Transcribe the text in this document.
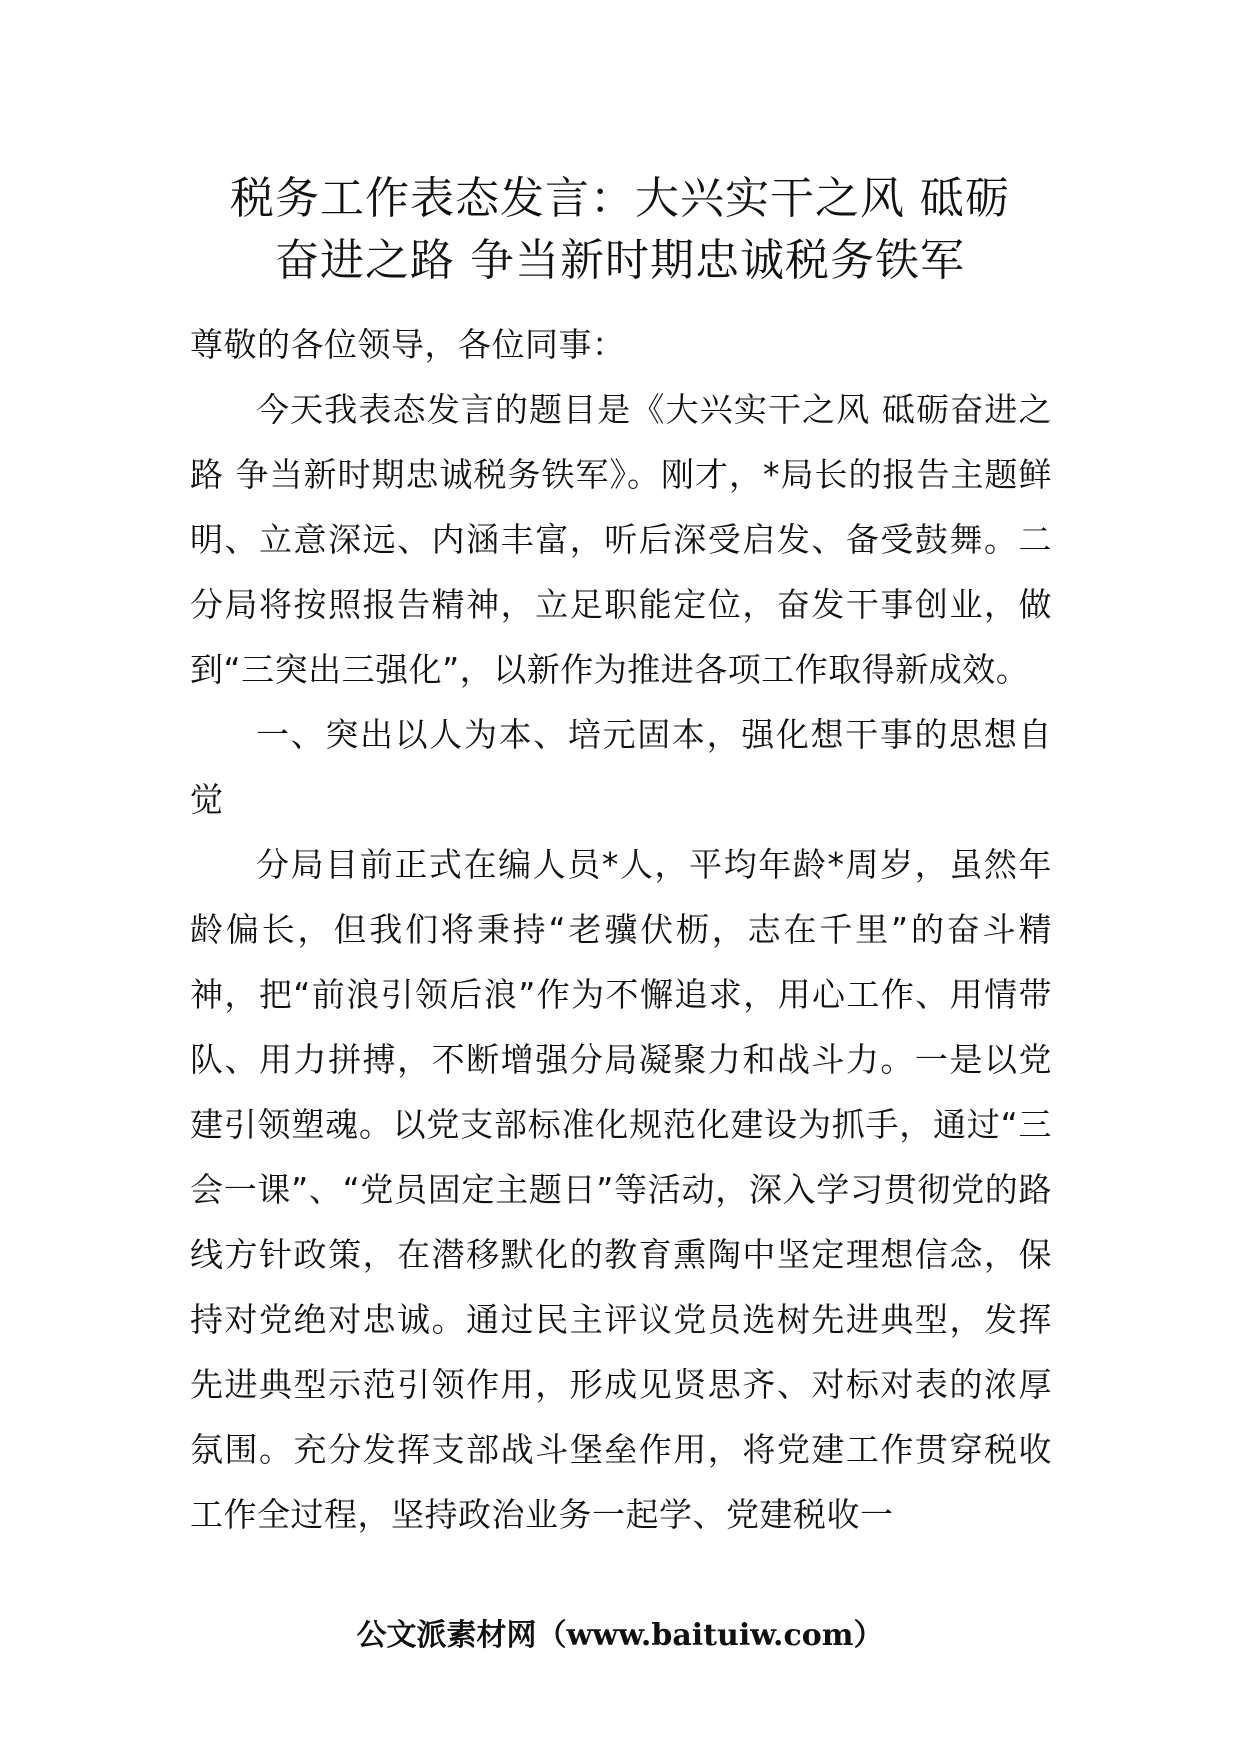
税务工作表态发言：大兴实干之风 砥砺
奋进之路 争当新时期忠诚税务铁军

尊敬的各位领导，各位同事：

今天我表态发言的题目是《大兴实干之风 砥砺奋进之路 争当新时期忠诚税务铁军》。刚才，*局长的报告主题鲜明、立意深远、内涵丰富，听后深受启发、备受鼓舞。二分局将按照报告精神，立足职能定位，奋发干事创业，做到“三突出三强化”，以新作为推进各项工作取得新成效。

一、突出以人为本、培元固本，强化想干事的思想自觉

分局目前正式在编人员*人，平均年龄*周岁，虽然年龄偏长，但我们将秉持“老骥伏枥，志在千里”的奋斗精神，把“前浪引领后浪”作为不懈追求，用心工作、用情带队、用力拼搏，不断增强分局凝聚力和战斗力。一是以党建引领塑魂。以党支部标准化规范化建设为抓手，通过“三会一课”、“党员固定主题日”等活动，深入学习贯彻党的路线方针政策，在潜移默化的教育熏陶中坚定理想信念，保持对党绝对忠诚。通过民主评议党员选树先进典型，发挥先进典型示范引领作用，形成见贤思齐、对标对表的浓厚氛围。充分发挥支部战斗堡垒作用，将党建工作贯穿税收工作全过程，坚持政治业务一起学、党建税收一

公文派素材网（www.baituiw.com）
